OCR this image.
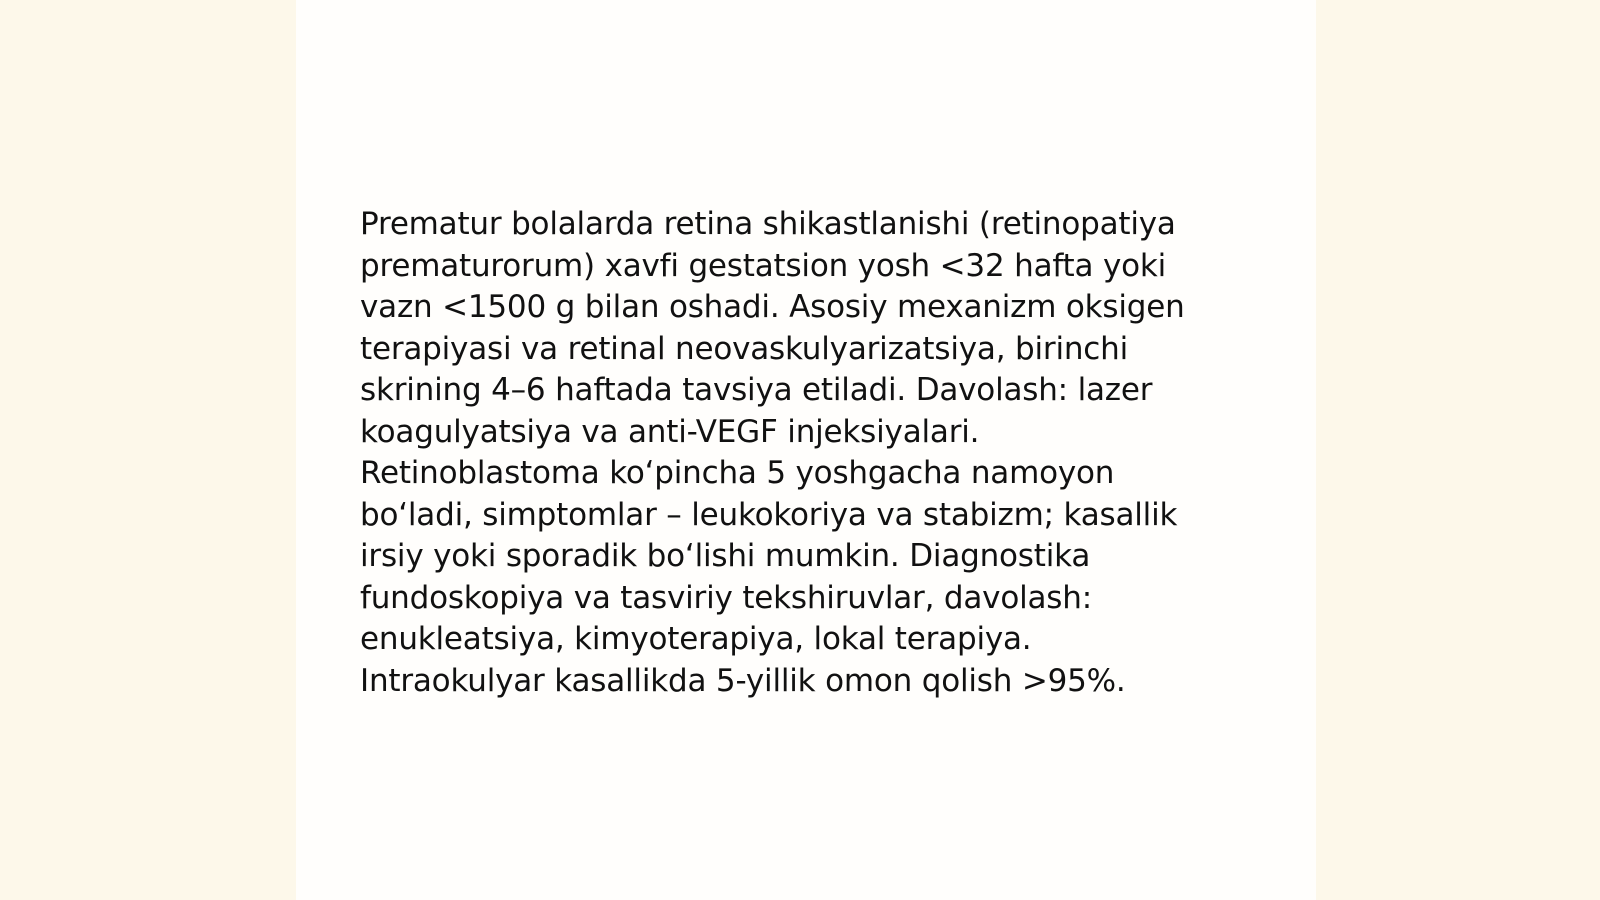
Prematur bolalarda retina shikastlanishi (retinopatiya
prematurorum) xavfi gestatsion yosh <32 hafta yoki
vazn <1500 g bilan oshadi. Asosiy mexanizm oksigen
terapiyasi va retinal neovaskulyarizatsiya, birinchi
skrining 4–6 haftada tavsiya etiladi. Davolash: lazer
koagulyatsiya va anti-VEGF injeksiyalari.
Retinoblastoma koʻpincha 5 yoshgacha namoyon
boʻladi, simptomlar – leukokoriya va stabizm; kasallik
irsiy yoki sporadik boʻlishi mumkin. Diagnostika
fundoskopiya va tasviriy tekshiruvlar, davolash:
enukleatsiya, kimyoterapiya, lokal terapiya.
Intraokulyar kasallikda 5-yillik omon qolish >95%.
